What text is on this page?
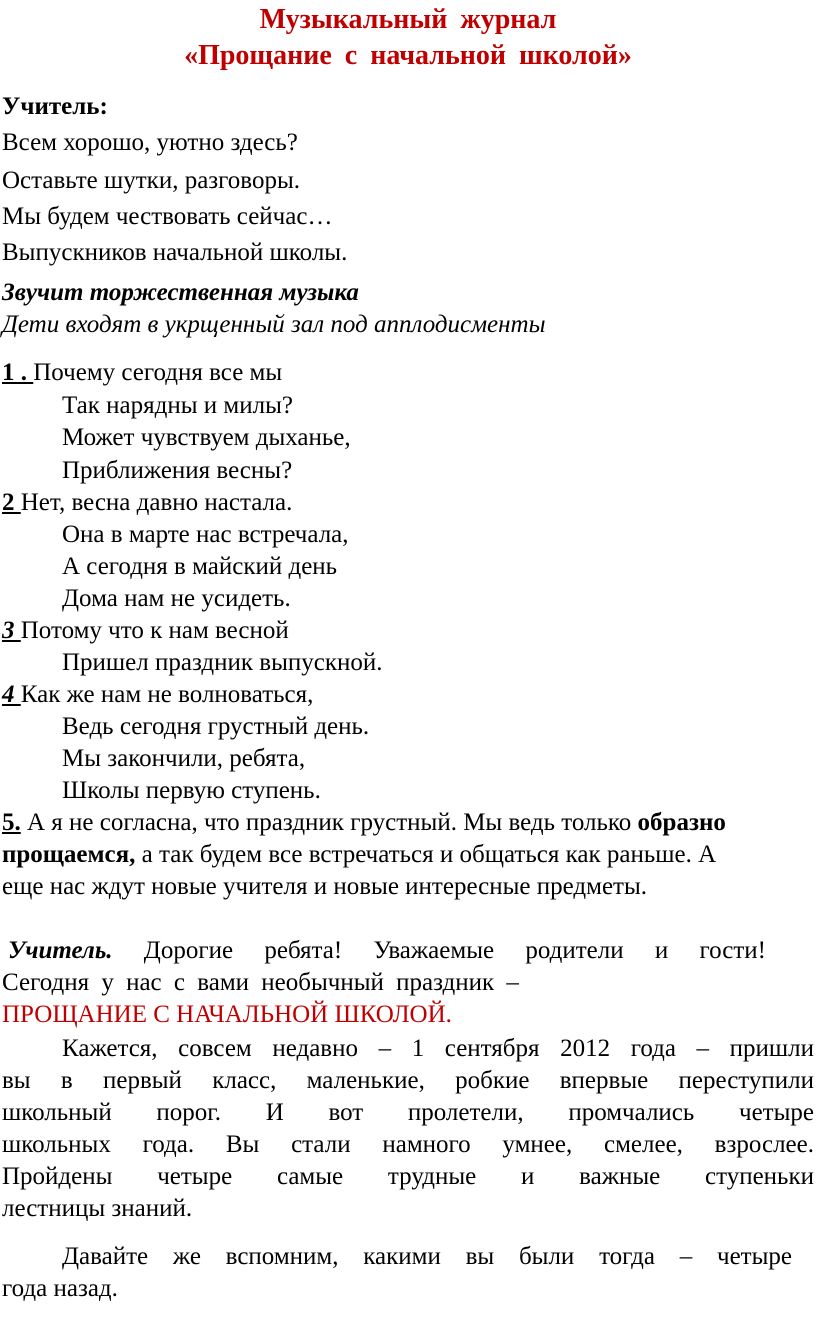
Музыкальный журнал
«Прощание с начальной школой»
Учитель:
Всем хорошо, уютно здесь?
Оставьте шутки, разговоры.
Мы будем чествовать сейчас…
Выпускников начальной школы.
Звучит торжественная музыка
Дети входят в укрщенный зал под апплодисменты
1 . Почему сегодня все мы
Так нарядны и милы?
Может чувствуем дыханье,
Приближения весны?
2 Нет, весна давно настала.
Она в марте нас встречала,
А сегодня в майский день
Дома нам не усидеть.
3 Потому что к нам весной
Пришел праздник выпускной.
4 Как же нам не волноваться,
Ведь сегодня грустный день.
Мы закончили, ребята,
Школы первую ступень.
5. А я не согласна, что праздник грустный. Мы ведь только образно
прощаемся, а так будем все встречаться и общаться как раньше. А
еще нас ждут новые учителя и новые интересные предметы.
Учитель. Дорогие ребята! Уважаемые родители и гости!
Сегодня у нас с вами необычный праздник –
ПРОЩАНИЕ С НАЧАЛЬНОЙ ШКОЛОЙ.
Кажется, совсем недавно – 1 сентября 2012 года – пришли
вы в первый класс, маленькие, робкие впервые переступили
школьный порог. И вот пролетели, промчались четыре
школьных года. Вы стали намного умнее, смелее, взрослее.
Пройдены четыре самые трудные и важные ступеньки
лестницы знаний.
Давайте же вспомним, какими вы были тогда – четыре
года назад.
